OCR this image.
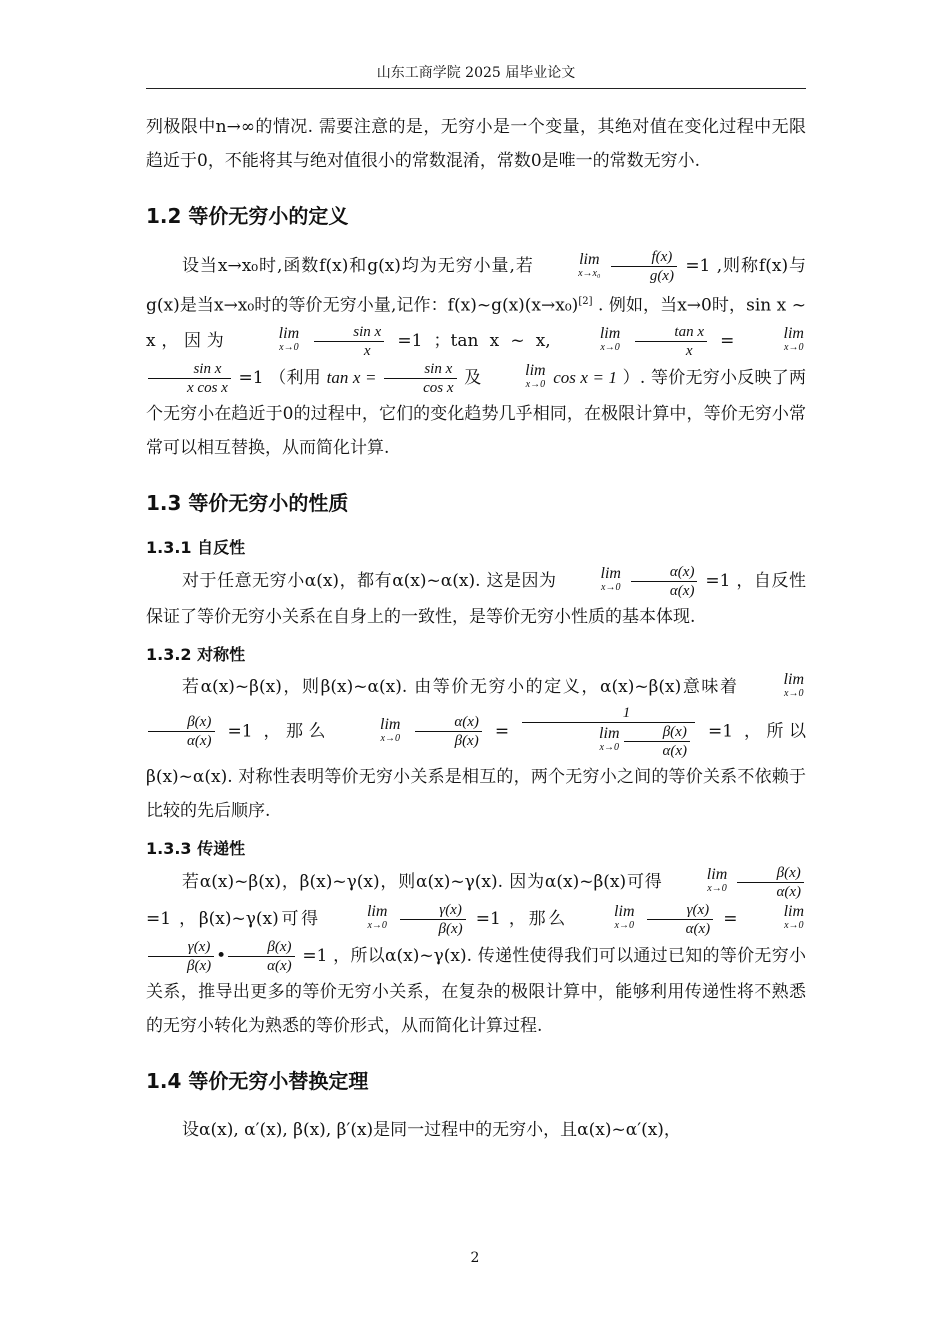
山东工商学院 2025 届毕业论文

列极限中n→∞的情况. 需要注意的是，无穷小是一个变量，其绝对值在变化过程中无限趋近于0，不能将其与绝对值很小的常数混淆，常数0是唯一的常数无穷小.

1.2 等价无穷小的定义

设当x→x₀时,函数f(x)和g(x)均为无穷小量,若	lim
x→x₀
$\frac{f(x)}{g(x)} =1$ ,则称f(x)与g(x)是当x→x₀时的等价无穷小量,记作：f(x)~g(x)(x→x₀)[2] . 例如，当x→0时，sin x ~ x，因为	lim
x→0
$\frac{\text{sin x}}{x} =1$ ；tan x ~ x,	lim
x→0
$\frac{\text{tan x}}{x}$ =	lim
x→0

$\frac{\text{sin x}}{\text{x cos x}} =1$ （利用 $\tan x = \frac{\text{sin x}}{\text{cos x}}$ 及	lim
x→0 cos x = 1 ）. 等价无穷小反映了两个无穷小在趋近于0的过程中，它们的变化趋势几乎相同，在极限计算中，等价无穷小常常可以相互替换，从而简化计算.

1.3 等价无穷小的性质
1.3.1 自反性

对于任意无穷小α(x)，都有α(x)~α(x). 这是因为	lim
x→0
$\frac{\alpha(x)}{\alpha(x)} =1$ ，自反性保证了等价无穷小关系在自身上的一致性，是等价无穷小性质的基本体现.

1.3.2 对称性

若α(x)~β(x)，则β(x)~α(x). 由等价无穷小的定义，α(x)~β(x)意味着	lim
x→0

$\frac{\beta(x)}{\alpha(x)} =1$ ，那么	lim
x→0
$\frac{\alpha(x)}{\beta(x)} = 1$
lim
$x\to 0 \frac{\beta(x)}{\alpha(x)} =1$ ，所以β(x)~α(x). 对称性表明等价无穷小关系是相互的，两个无穷小之间的等价关系不依赖于比较的先后顺序.

1.3.3 传递性

若α(x)~β(x)，β(x)~γ(x)，则α(x)~γ(x). 因为α(x)~β(x)可得	lim
x→0
$\frac{\beta(x)}{\alpha(x)}$
=1 ，β(x)~γ(x)可得	lim
x→0
$\frac{\gamma(x)}{\beta(x)} =1$ ，那么	lim
x→0
$\frac{\gamma(x)}{\alpha(x)}$ =	lim
x→0

$\frac{\gamma(x)}{\beta(x)}$ • $\frac{\beta(x)}{\alpha(x)} =1$ ，所以α(x)~γ(x). 传递性使得我们可以通过已知的等价无穷小关系，推导出更多的等价无穷小关系，在复杂的极限计算中，能够利用传递性将不熟悉的无穷小转化为熟悉的等价形式，从而简化计算过程.

1.4 等价无穷小替换定理

设α(x), α′(x), β(x), β′(x)是同一过程中的无穷小，且α(x)~α′(x)，

2
